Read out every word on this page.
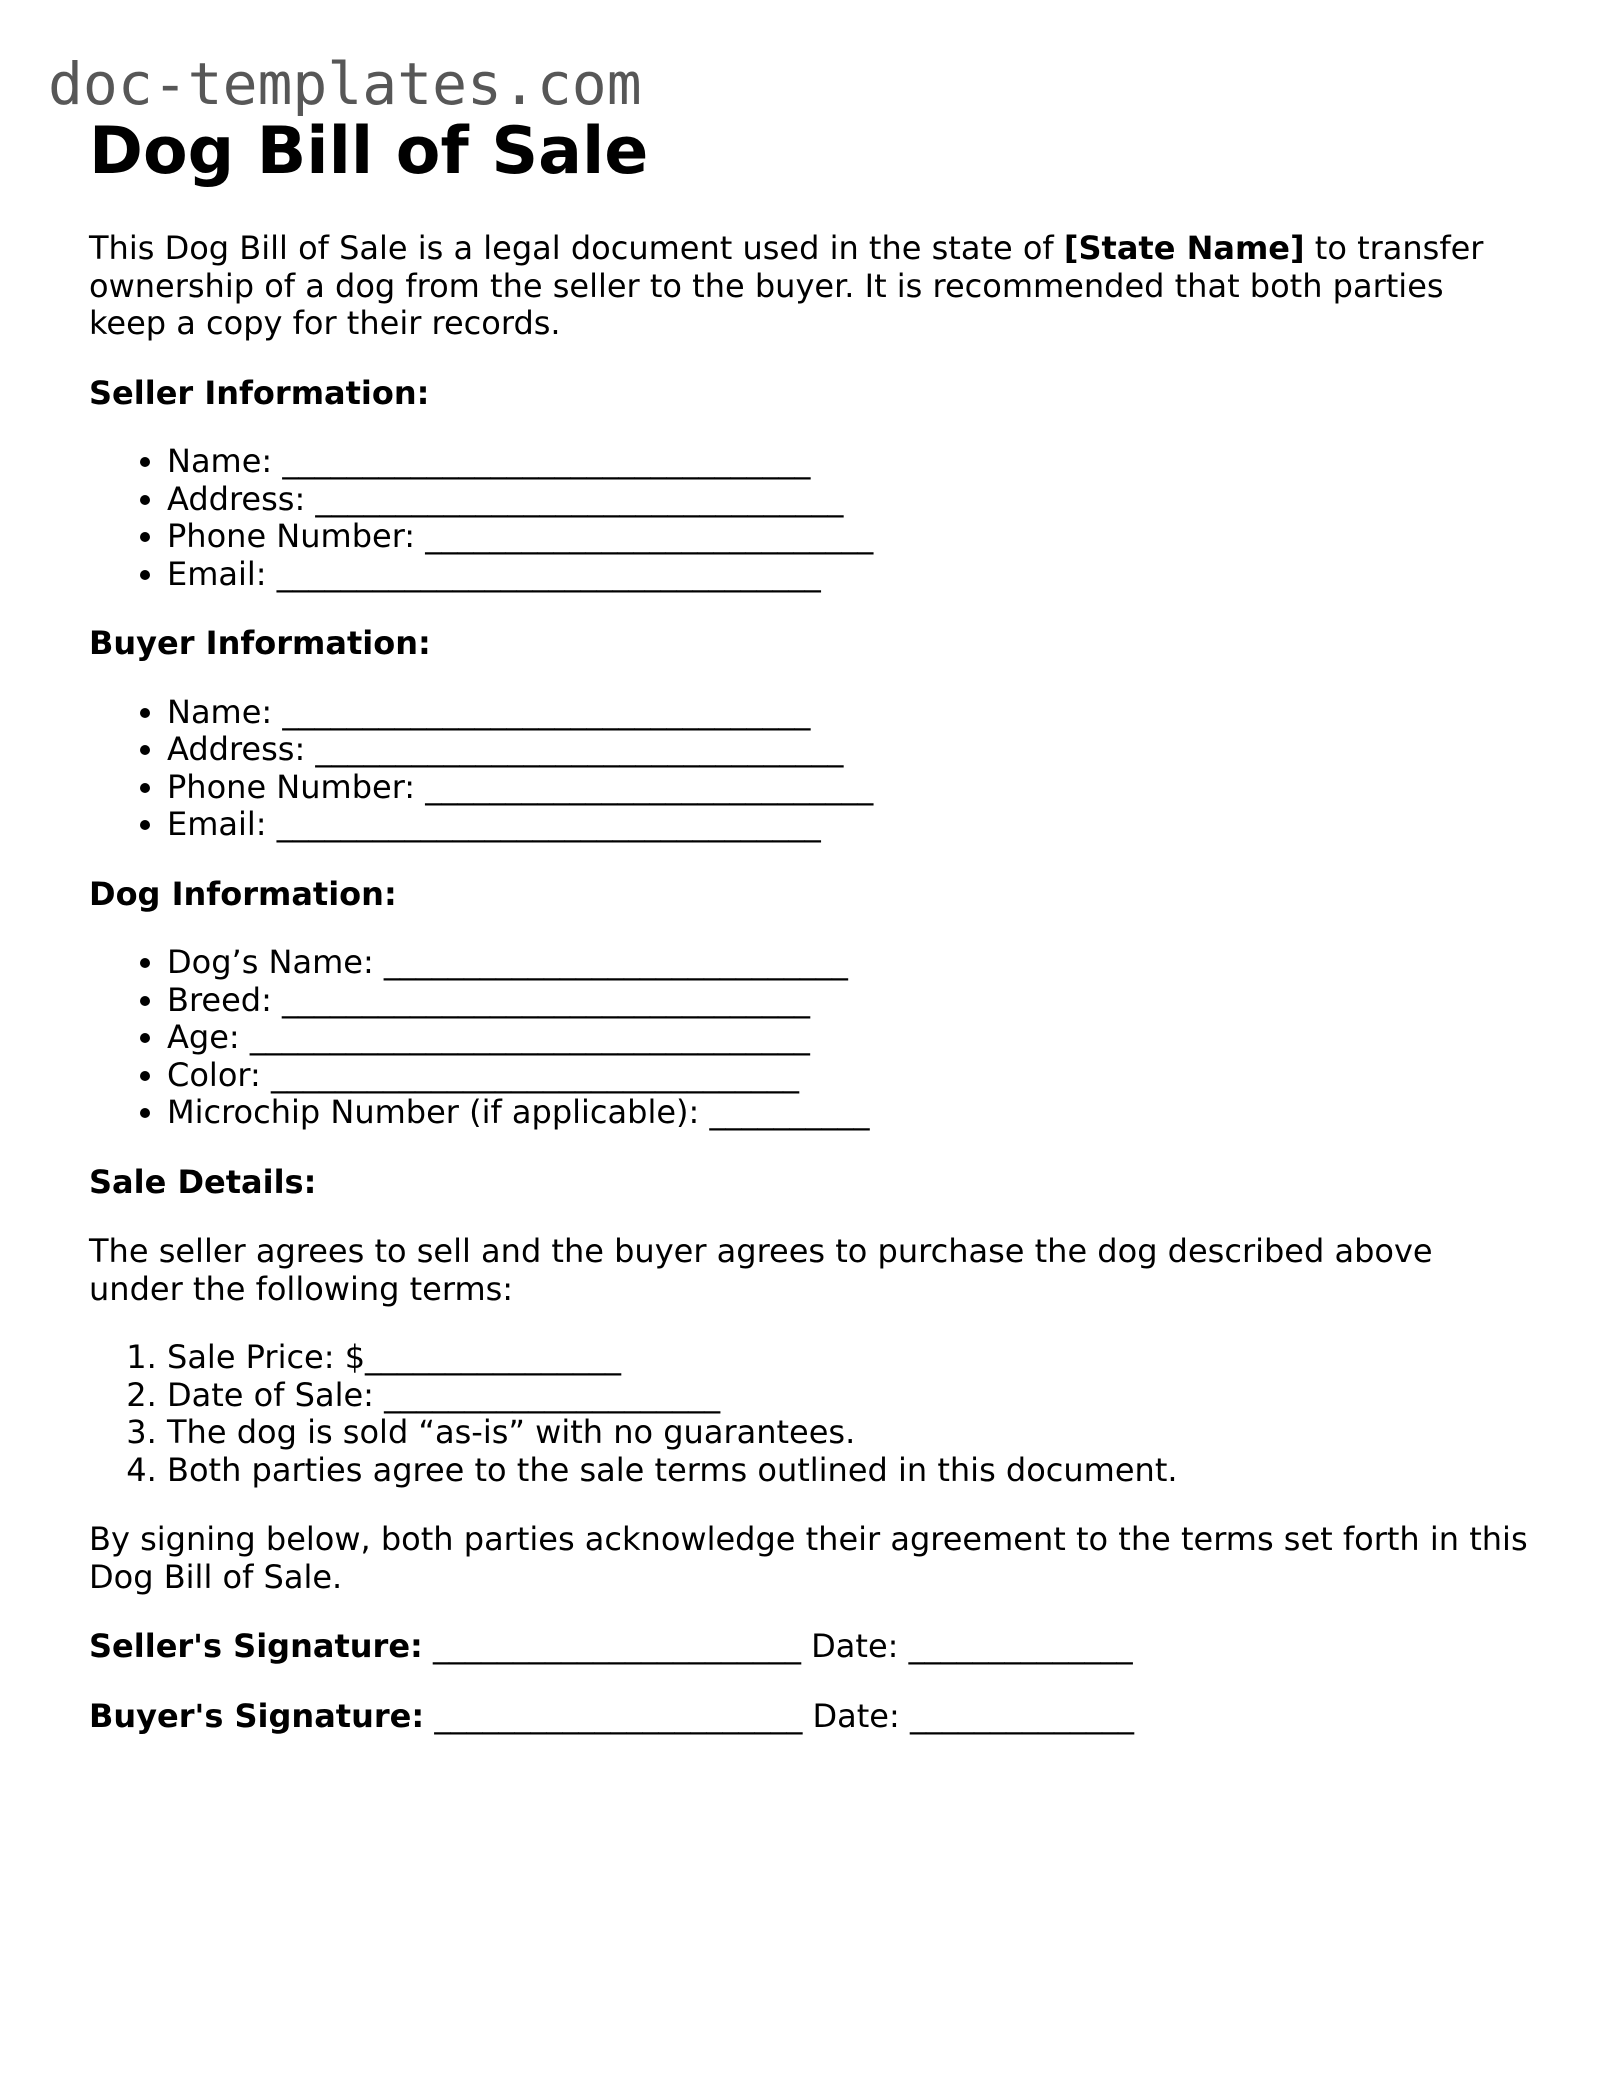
doc-templates.com
Dog Bill of Sale

This Dog Bill of Sale is a legal document used in the state of [State Name] to transfer ownership of a dog from the seller to the buyer. It is recommended that both parties keep a copy for their records.

Seller Information:
• Name: _________________________________
• Address: _________________________________
• Phone Number: ____________________________
• Email: __________________________________
Buyer Information:
• Name: _________________________________
• Address: _________________________________
• Phone Number: ____________________________
• Email: __________________________________
Dog Information:
• Dog’s Name: _____________________________
• Breed: _________________________________
• Age: ___________________________________
• Color: _________________________________
• Microchip Number (if applicable): __________
Sale Details:

The seller agrees to sell and the buyer agrees to purchase the dog described above under the following terms:

1. Sale Price: $________________
2. Date of Sale: _____________________
3. The dog is sold “as-is” with no guarantees.
4. Both parties agree to the sale terms outlined in this document.

By signing below, both parties acknowledge their agreement to the terms set forth in this Dog Bill of Sale.

Seller's Signature: _______________________ Date: ______________
Buyer's Signature: _______________________ Date: ______________
